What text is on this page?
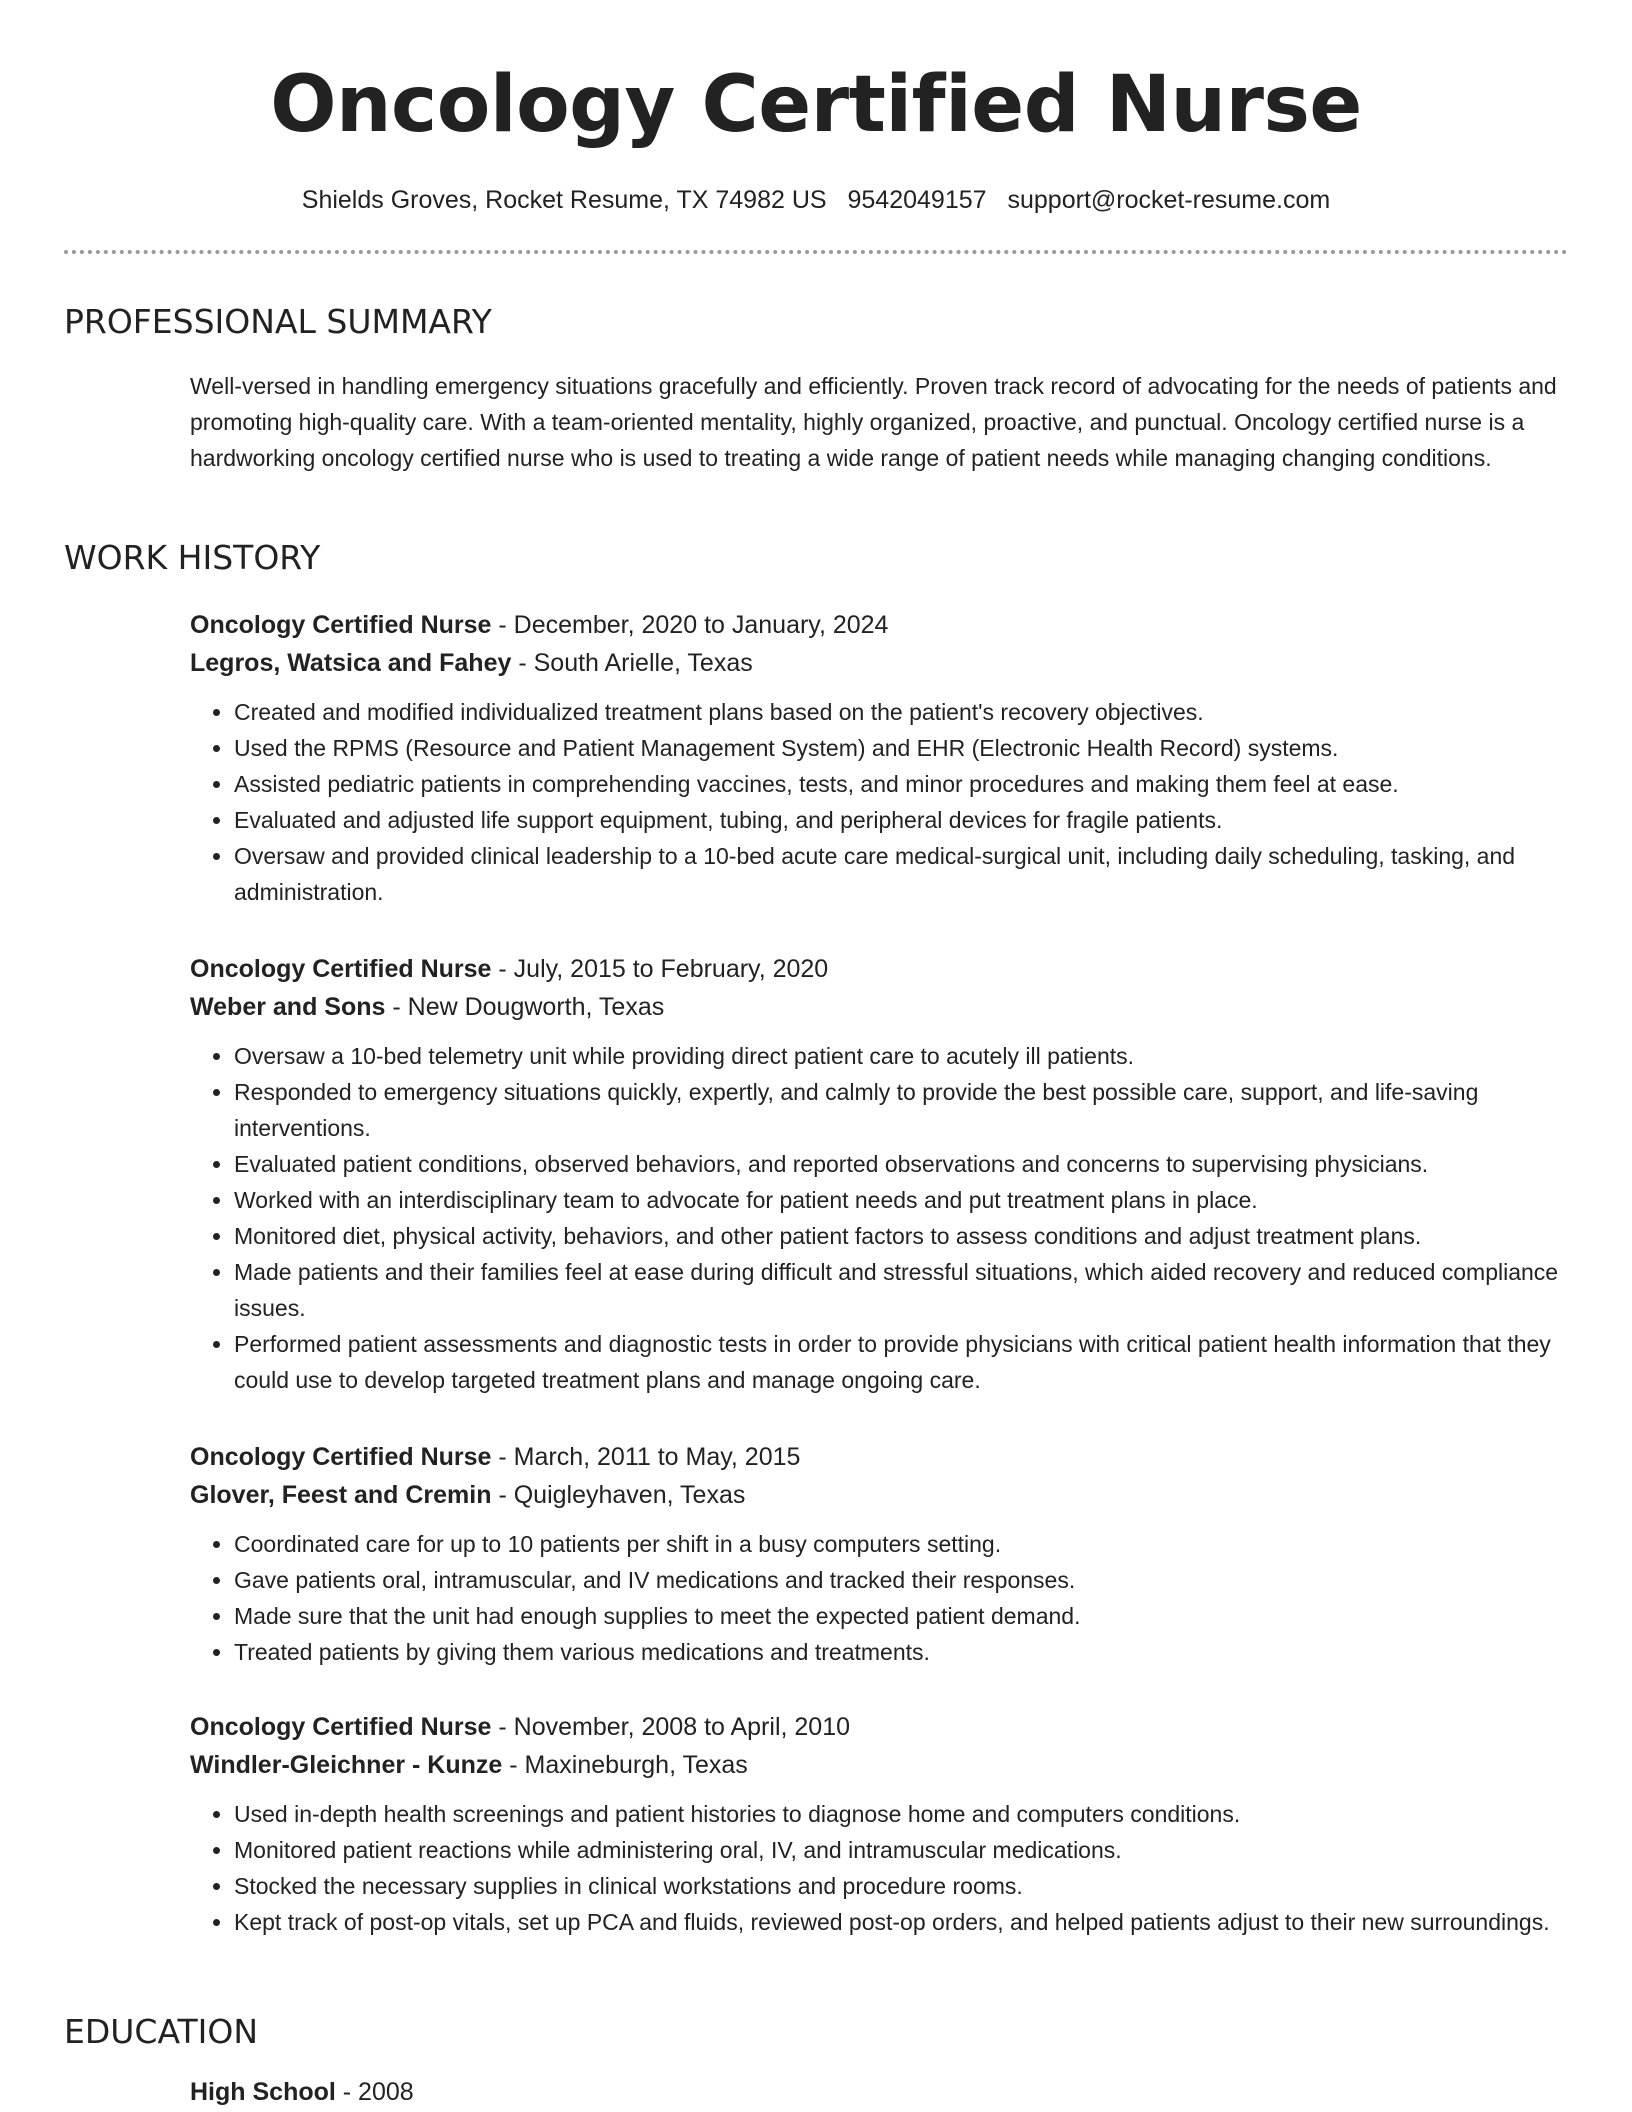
Oncology Certified Nurse
Shields Groves, Rocket Resume, TX 74982 US 9542049157 support@rocket-resume.com
PROFESSIONAL SUMMARY

Well-versed in handling emergency situations gracefully and efficiently. Proven track record of advocating for the needs of patients and promoting high-quality care. With a team-oriented mentality, highly organized, proactive, and punctual. Oncology certified nurse is a hardworking oncology certified nurse who is used to treating a wide range of patient needs while managing changing conditions.

WORK HISTORY
Oncology Certified Nurse - December, 2020 to January, 2024
Legros, Watsica and Fahey - South Arielle, Texas
• Created and modified individualized treatment plans based on the patient's recovery objectives.
• Used the RPMS (Resource and Patient Management System) and EHR (Electronic Health Record) systems.
• Assisted pediatric patients in comprehending vaccines, tests, and minor procedures and making them feel at ease.
• Evaluated and adjusted life support equipment, tubing, and peripheral devices for fragile patients.
• Oversaw and provided clinical leadership to a 10-bed acute care medical-surgical unit, including daily scheduling, tasking, and administration.
Oncology Certified Nurse - July, 2015 to February, 2020
Weber and Sons - New Dougworth, Texas
• Oversaw a 10-bed telemetry unit while providing direct patient care to acutely ill patients.
• Responded to emergency situations quickly, expertly, and calmly to provide the best possible care, support, and life-saving interventions.
• Evaluated patient conditions, observed behaviors, and reported observations and concerns to supervising physicians.
• Worked with an interdisciplinary team to advocate for patient needs and put treatment plans in place.
• Monitored diet, physical activity, behaviors, and other patient factors to assess conditions and adjust treatment plans.
• Made patients and their families feel at ease during difficult and stressful situations, which aided recovery and reduced compliance issues.
• Performed patient assessments and diagnostic tests in order to provide physicians with critical patient health information that they could use to develop targeted treatment plans and manage ongoing care.
Oncology Certified Nurse - March, 2011 to May, 2015
Glover, Feest and Cremin - Quigleyhaven, Texas
• Coordinated care for up to 10 patients per shift in a busy computers setting.
• Gave patients oral, intramuscular, and IV medications and tracked their responses.
• Made sure that the unit had enough supplies to meet the expected patient demand.
• Treated patients by giving them various medications and treatments.
Oncology Certified Nurse - November, 2008 to April, 2010
Windler-Gleichner - Kunze - Maxineburgh, Texas
• Used in-depth health screenings and patient histories to diagnose home and computers conditions.
• Monitored patient reactions while administering oral, IV, and intramuscular medications.
• Stocked the necessary supplies in clinical workstations and procedure rooms.
• Kept track of post-op vitals, set up PCA and fluids, reviewed post-op orders, and helped patients adjust to their new surroundings.
EDUCATION
High School - 2008
